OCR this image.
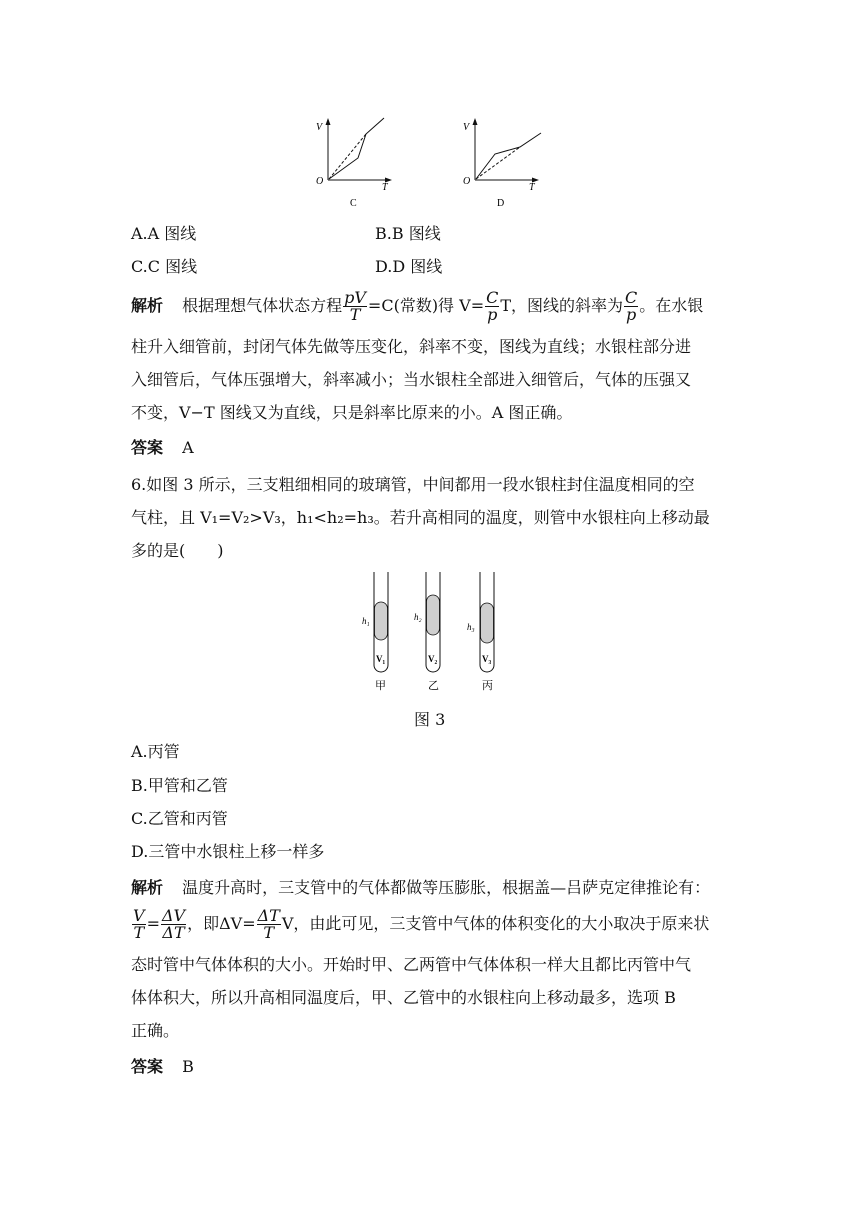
V
T
O
C
V
T
O
D
A.A 图线	B.B 图线
C.C 图线	D.D 图线
解析 根据理想气体状态方程 $\frac{pV}{T} =C$(常数)得 $V= \frac{C}{p}$ T，图线的斜率为 $\frac{C}{p}$ 。在水银
柱升入细管前，封闭气体先做等压变化，斜率不变，图线为直线；水银柱部分进
入细管后，气体压强增大，斜率减小；当水银柱全部进入细管后，气体的压强又
不变，V−T 图线又为直线，只是斜率比原来的小。A 图正确。
答案 A
6.如图 3 所示，三支粗细相同的玻璃管，中间都用一段水银柱封住温度相同的空
气柱，且 V₁=V₂>V₃，h₁<h₂=h₃。若升高相同的温度，则管中水银柱向上移动最
多的是(　　)
h₁	h₂
h₃
V₁	V₂	V₃
甲	乙	丙
图 3
A.丙管
B.甲管和乙管
C.乙管和丙管
D.三管中水银柱上移一样多
解析 温度升高时，三支管中的气体都做等压膨胀，根据盖—吕萨克定律推论有：
$\frac{V}{T} = \frac{\Delta V}{\Delta T}$ ，即$\Delta V= \frac{\Delta T}{T}$ V，由此可见，三支管中气体的体积变化的大小取决于原来状
态时管中气体体积的大小。开始时甲、乙两管中气体体积一样大且都比丙管中气
体体积大，所以升高相同温度后，甲、乙管中的水银柱向上移动最多，选项 B
正确。
答案 B
